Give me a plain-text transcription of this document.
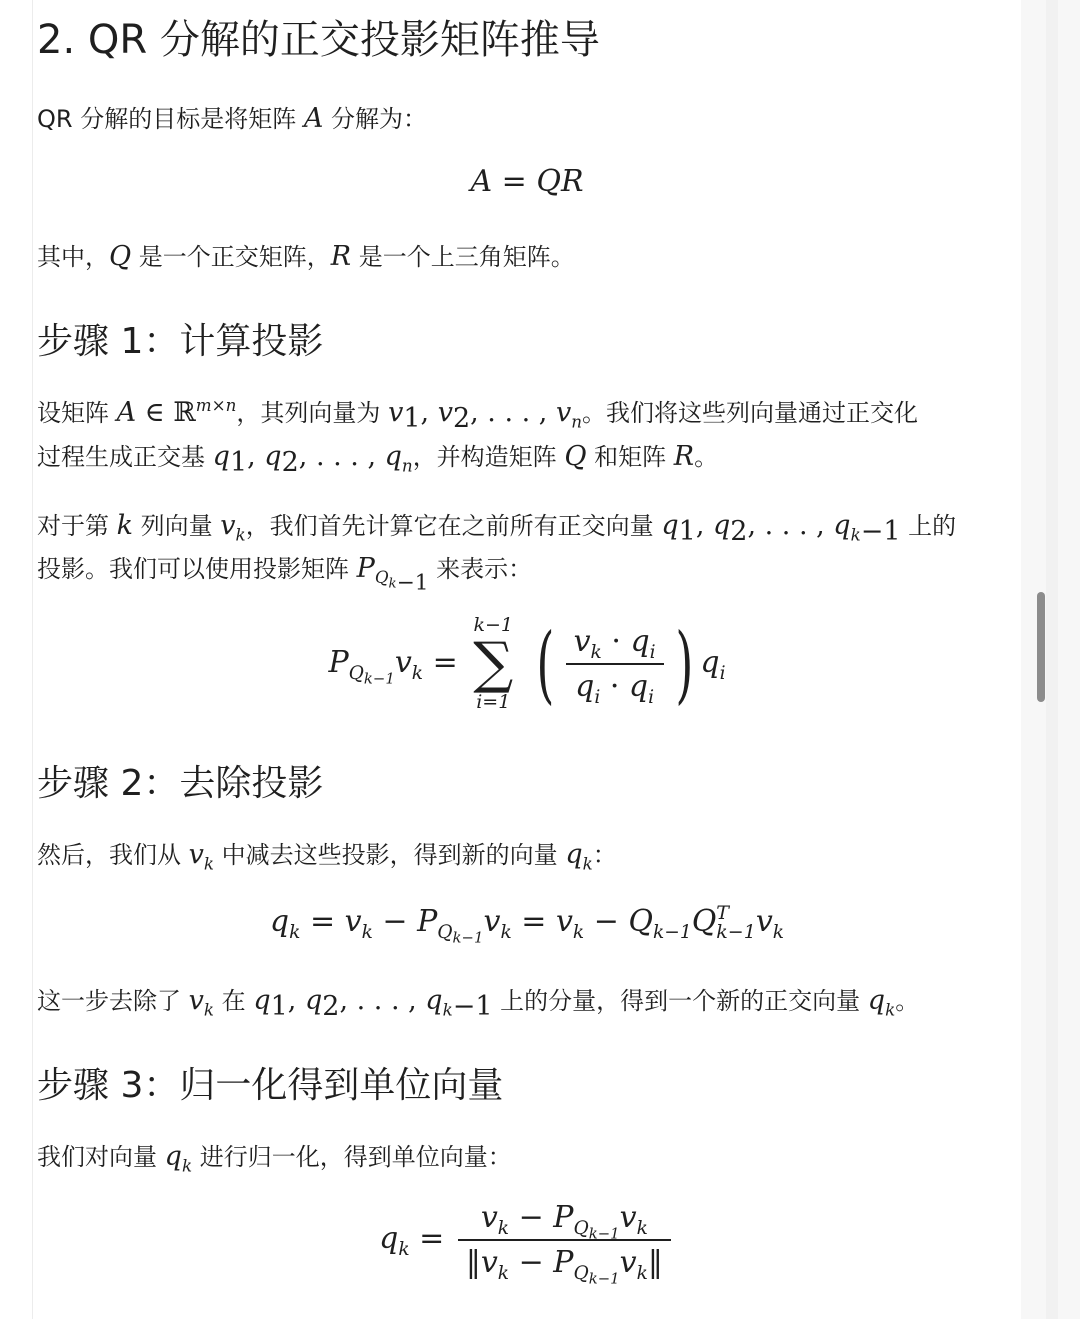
2. QR 分解的正交投影矩阵推导

QR 分解的目标是将矩阵 A 分解为：

A = QR

其中，Q 是一个正交矩阵，R 是一个上三角矩阵。

步骤 1：计算投影

设矩阵 A ∈ ℝ$^{m\times n}$，其列向量为 $v_1$, $v_2$, . . . , $v_n$。我们将这些列向量通过正交化

过程生成正交基 $q_1$, $q_2$, . . . , $q_n$，并构造矩阵 Q 和矩阵 R。

对于第 k 列向量 $v_k$，我们首先计算它在之前所有正交向量 $q_1$, $q_2$, . . . , $q_{k-1}$ 上的

投影。我们可以使用投影矩阵 $P_{Q_k_{-1}}$ 来表示：

$P_{Q_{k-1}}v_k$ =
k−1
∑
i=1 ( $\frac{v_k \cdot q_i}{q_i \cdot q_i}$ ) $q_i$
步骤 2：去除投影

然后，我们从 $v_k$ 中减去这些投影，得到新的向量 $q_k$：

$q_k = v_k - P_{Q_{k-1}}v_k = v_k - Q_{k-1}Q$ T
k−1 $v_k$

这一步去除了 $v_k$ 在 $q_1$, $q_2$, . . . , $q_{k-1}$ 上的分量，得到一个新的正交向量 $q_k$。

步骤 3：归一化得到单位向量

我们对向量 $q_k$ 进行归一化，得到单位向量：

$q_k = \frac{v_k - P_{Q_{k-1}}v_k}{‖v_k - P_{Q_{k-1}}v_k‖}$
